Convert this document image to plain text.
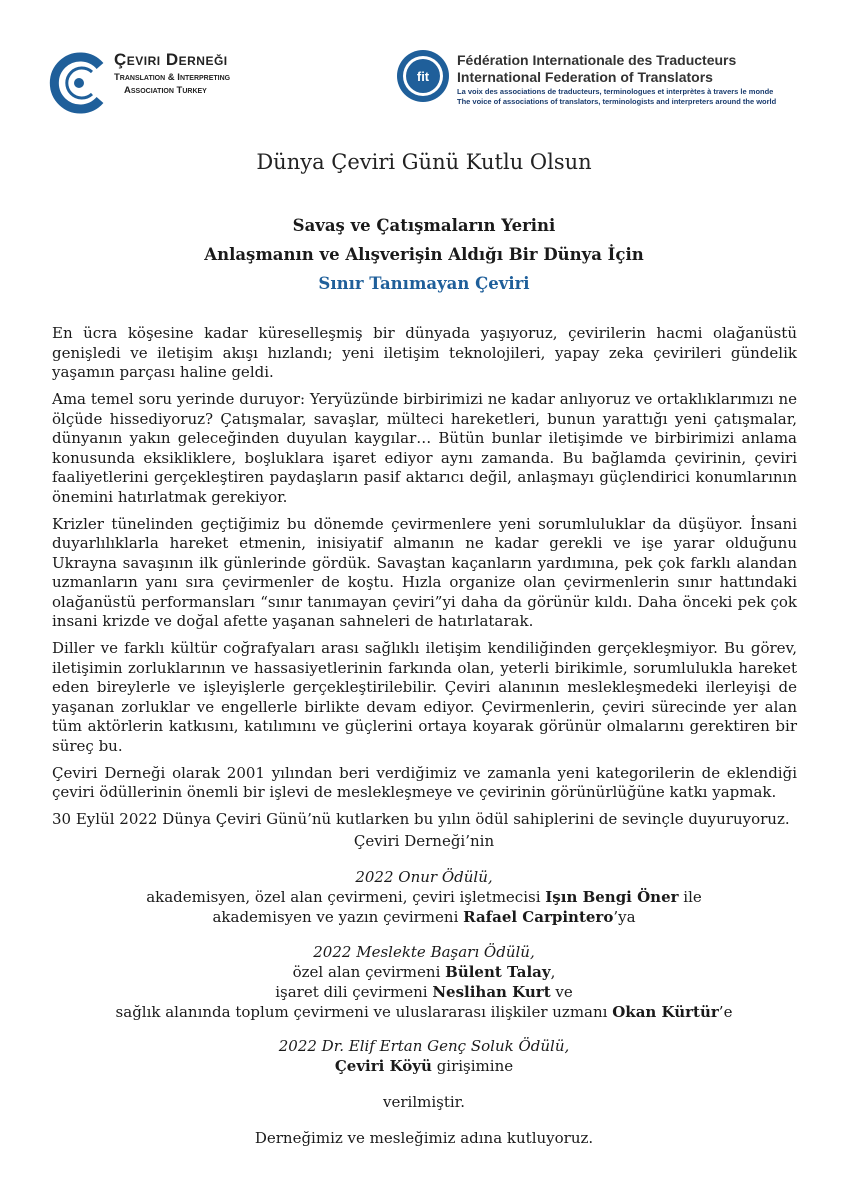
Çeviri Derneği
Translation & Interpreting
Association Turkey
fit
Fédération Internationale des Traducteurs
International Federation of Translators
La voix des associations de traducteurs, terminologues et interprètes à travers le monde
The voice of associations of translators, terminologists and interpreters around the world
Dünya Çeviri Günü Kutlu Olsun
Savaş ve Çatışmaların Yerini
Anlaşmanın ve Alışverişin Aldığı Bir Dünya İçin
Sınır Tanımayan Çeviri

En ücra köşesine kadar küreselleşmiş bir dünyada yaşıyoruz, çevirilerin hacmi olağanüstü genişledi ve iletişim akışı hızlandı; yeni iletişim teknolojileri, yapay zeka çevirileri gündelik yaşamın parçası haline geldi.

Ama temel soru yerinde duruyor: Yeryüzünde birbirimizi ne kadar anlıyoruz ve ortaklıklarımızı ne ölçüde hissediyoruz? Çatışmalar, savaşlar, mülteci hareketleri, bunun yarattığı yeni çatışmalar, dünyanın yakın geleceğinden duyulan kaygılar… Bütün bunlar iletişimde ve birbirimizi anlama konusunda eksikliklere, boşluklara işaret ediyor aynı zamanda. Bu bağlamda çevirinin, çeviri faaliyetlerini gerçekleştiren paydaşların pasif aktarıcı değil, anlaşmayı güçlendirici konumlarının önemini hatırlatmak gerekiyor.

Krizler tünelinden geçtiğimiz bu dönemde çevirmenlere yeni sorumluluklar da düşüyor. İnsani duyarlılıklarla hareket etmenin, inisiyatif almanın ne kadar gerekli ve işe yarar olduğunu Ukrayna savaşının ilk günlerinde gördük. Savaştan kaçanların yardımına, pek çok farklı alandan uzmanların yanı sıra çevirmenler de koştu. Hızla organize olan çevirmenlerin sınır hattındaki olağanüstü performansları “sınır tanımayan çeviri”yi daha da görünür kıldı. Daha önceki pek çok insani krizde ve doğal afette yaşanan sahneleri de hatırlatarak.

Diller ve farklı kültür coğrafyaları arası sağlıklı iletişim kendiliğinden gerçekleşmiyor. Bu görev, iletişimin zorluklarının ve hassasiyetlerinin farkında olan, yeterli birikimle, sorumlulukla hareket eden bireylerle ve işleyişlerle gerçekleştirilebilir. Çeviri alanının meslekleşmedeki ilerleyişi de yaşanan zorluklar ve engellerle birlikte devam ediyor. Çevirmenlerin, çeviri sürecinde yer alan tüm aktörlerin katkısını, katılımını ve güçlerini ortaya koyarak görünür olmalarını gerektiren bir süreç bu.

Çeviri Derneği olarak 2001 yılından beri verdiğimiz ve zamanla yeni kategorilerin de eklendiği çeviri ödüllerinin önemli bir işlevi de meslekleşmeye ve çevirinin görünürlüğüne katkı yapmak.

30 Eylül 2022 Dünya Çeviri Günü’nü kutlarken bu yılın ödül sahiplerini de sevinçle duyuruyoruz.

Çeviri Derneği’nin
2022 Onur Ödülü,
akademisyen, özel alan çevirmeni, çeviri işletmecisi Işın Bengi Öner ile
akademisyen ve yazın çevirmeni Rafael Carpintero’ya
2022 Meslekte Başarı Ödülü,
özel alan çevirmeni Bülent Talay,
işaret dili çevirmeni Neslihan Kurt ve
sağlık alanında toplum çevirmeni ve uluslararası ilişkiler uzmanı Okan Kürtür’e
2022 Dr. Elif Ertan Genç Soluk Ödülü,
Çeviri Köyü girişimine
verilmiştir.
Derneğimiz ve mesleğimiz adına kutluyoruz.
